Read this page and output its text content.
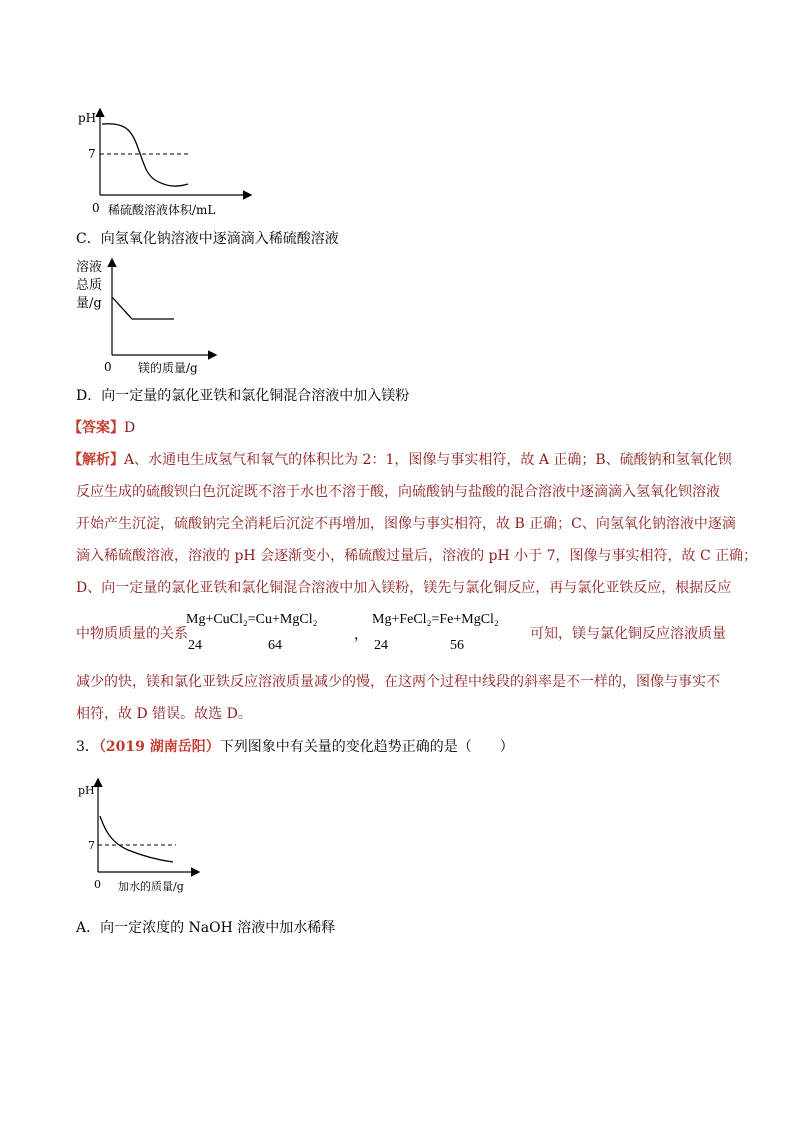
pH
7
0 稀硫酸溶液体积/mL
C．向氢氧化钠溶液中逐滴滴入稀硫酸溶液
溶液
总质
量/g
0 镁的质量/g
D．向一定量的氯化亚铁和氯化铜混合溶液中加入镁粉
【答案】D
【解析】A、水通电生成氢气和氧气的体积比为 2：1，图像与事实相符，故 A 正确；B、硫酸钠和氢氧化钡
反应生成的硫酸钡白色沉淀既不溶于水也不溶于酸，向硫酸钠与盐酸的混合溶液中逐滴滴入氢氧化钡溶液
开始产生沉淀，硫酸钠完全消耗后沉淀不再增加，图像与事实相符，故 B 正确；C、向氢氧化钠溶液中逐滴
滴入稀硫酸溶液，溶液的 pH 会逐渐变小，稀硫酸过量后，溶液的 pH 小于 7，图像与事实相符，故 C 正确；
D、向一定量的氯化亚铁和氯化铜混合溶液中加入镁粉，镁先与氯化铜反应，再与氯化亚铁反应，根据反应
中物质质量的关系
Mg+CuCl₂=Cu+MgCl₂
24	64
，
Mg+FeCl₂=Fe+MgCl₂
24	56
可知，镁与氯化铜反应溶液质量
减少的快，镁和氯化亚铁反应溶液质量减少的慢，在这两个过程中线段的斜率是不一样的，图像与事实不
相符，故 D 错误。故选 D。
3．（2019 湖南岳阳）下列图象中有关量的变化趋势正确的是（　　）
pH
7
0 加水的质量/g
A．向一定浓度的 NaOH 溶液中加水稀释
